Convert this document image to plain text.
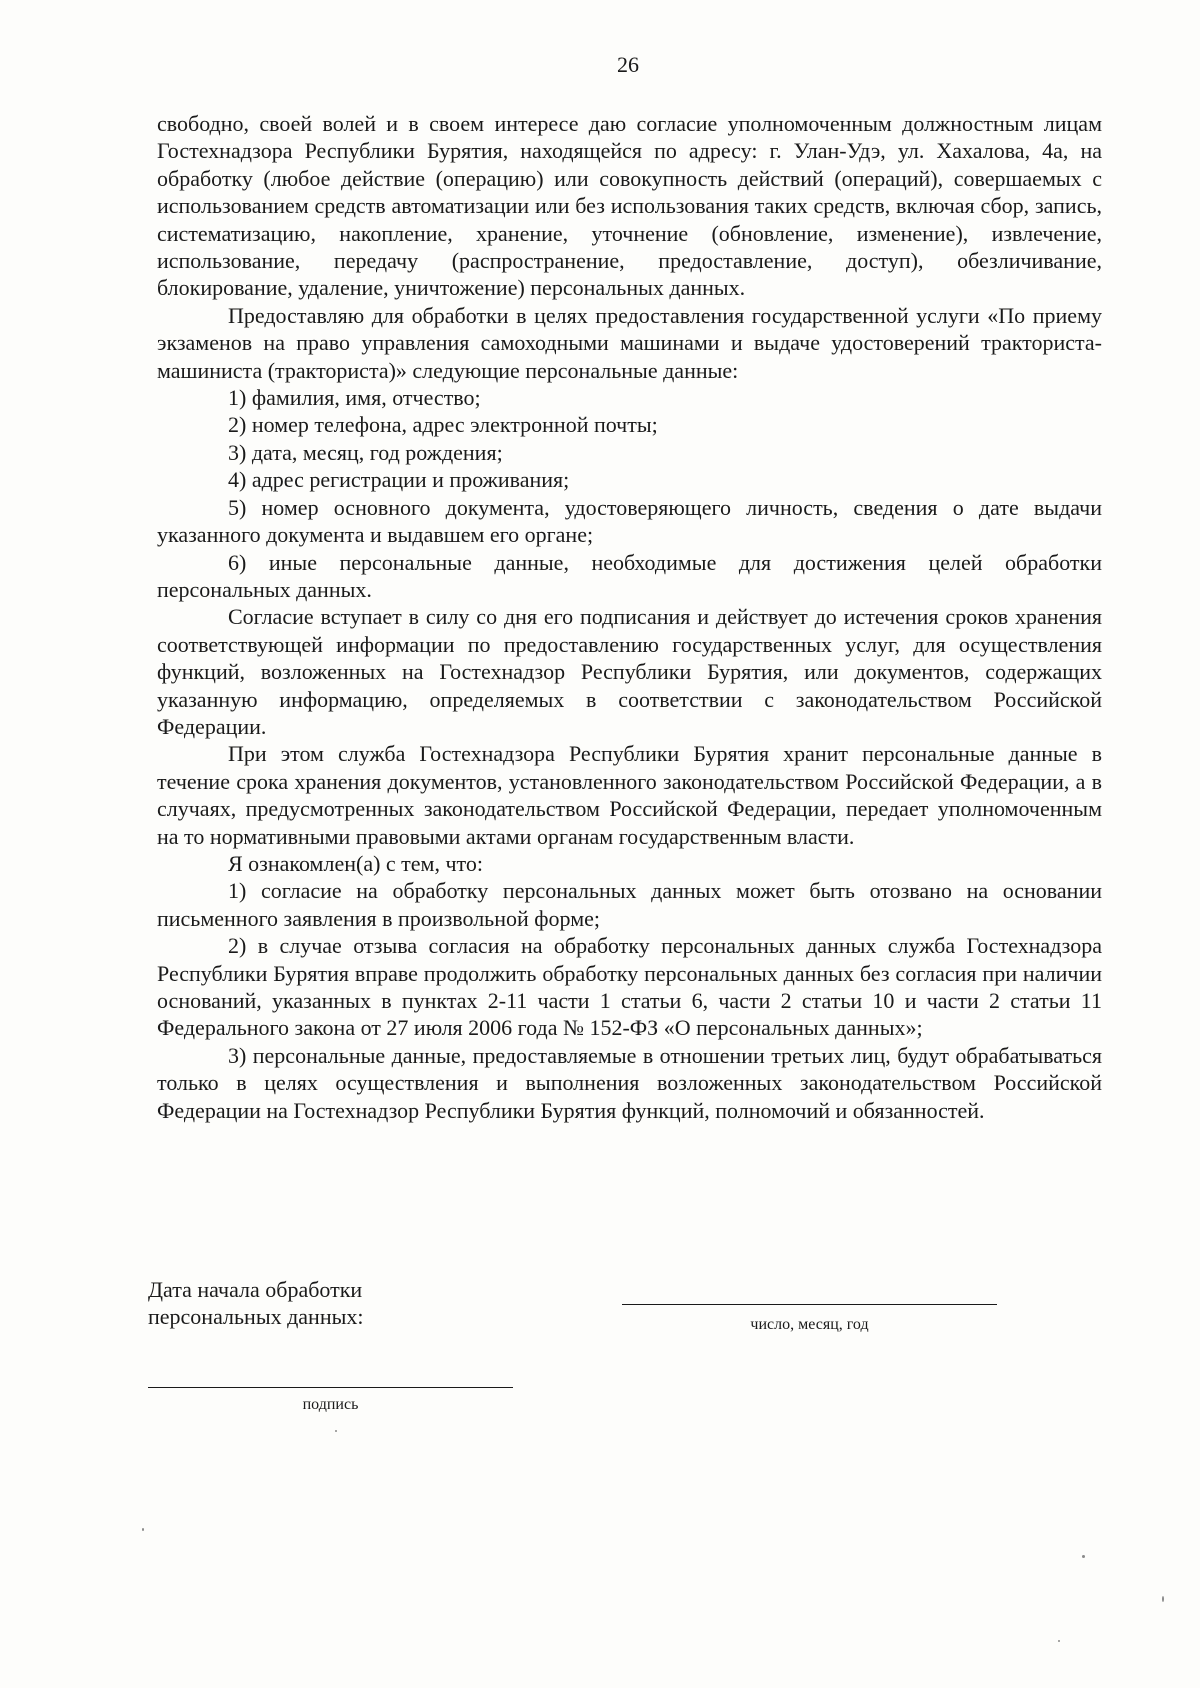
26

свободно, своей волей и в своем интересе даю согласие уполномоченным должностным лицам Гостехнадзора Республики Бурятия, находящейся по адресу: г. Улан-Удэ, ул. Хахалова, 4а, на обработку (любое действие (операцию) или совокупность действий (операций), совершаемых с использованием средств автоматизации или без использования таких средств, включая сбор, запись, систематизацию, накопление, хранение, уточнение (обновление, изменение), извлечение, использование, передачу (распространение, предоставление, доступ), обезличивание, блокирование, удаление, уничтожение) персональных данных.

Предоставляю для обработки в целях предоставления государственной услуги «По приему экзаменов на право управления самоходными машинами и выдаче удостоверений тракториста-машиниста (тракториста)» следующие персональные данные:

1) фамилия, имя, отчество;

2) номер телефона, адрес электронной почты;

3) дата, месяц, год рождения;

4) адрес регистрации и проживания;

5) номер основного документа, удостоверяющего личность, сведения о дате выдачи указанного документа и выдавшем его органе;

6) иные персональные данные, необходимые для достижения целей обработки персональных данных.

Согласие вступает в силу со дня его подписания и действует до истечения сроков хранения соответствующей информации по предоставлению государственных услуг, для осуществления функций, возложенных на Гостехнадзор Республики Бурятия, или документов, содержащих указанную информацию, определяемых в соответствии с законодательством Российской Федерации.

При этом служба Гостехнадзора Республики Бурятия хранит персональные данные в течение срока хранения документов, установленного законодательством Российской Федерации, а в случаях, предусмотренных законодательством Российской Федерации, передает уполномоченным на то нормативными правовыми актами органам государственным власти.

Я ознакомлен(а) с тем, что:

1) согласие на обработку персональных данных может быть отозвано на основании письменного заявления в произвольной форме;

2) в случае отзыва согласия на обработку персональных данных служба Гостехнадзора Республики Бурятия вправе продолжить обработку персональных данных без согласия при наличии оснований, указанных в пунктах 2-11 части 1 статьи 6, части 2 статьи 10 и части 2 статьи 11 Федерального закона от 27 июля 2006 года № 152-ФЗ «О персональных данных»;

3) персональные данные, предоставляемые в отношении третьих лиц, будут обрабатываться только в целях осуществления и выполнения возложенных законодательством Российской Федерации на Гостехнадзор Республики Бурятия функций, полномочий и обязанностей.

Дата начала обработки
персональных данных:	число, месяц, год
подпись
